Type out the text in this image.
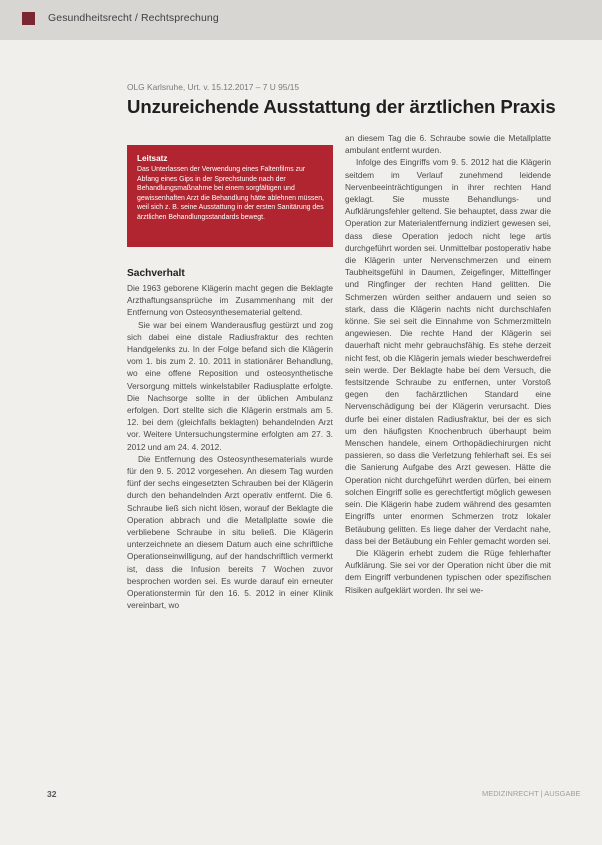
Gesundheitsrecht / Rechtsprechung
OLG Karlsruhe, Urt. v. 15.12.2017 – 7 U 95/15
Unzureichende Ausstattung der ärztlichen Praxis
Leitsatz
Das Unterlassen der Verwendung eines Faltenfilms zur Abfang eines Gips in der Sprechstunde nach der Behandlungsmaßnahme bei einem sorgfältigen und gewissenhaften Arzt die Behandlung hätte ablehnen müssen, weil sich z. B. seine Ausstattung in der ersten Sanitärung des ärztlichen Behandlungsstandards bewegt.
Sachverhalt

Die 1963 geborene Klägerin macht gegen die Beklagte Arzthaftungsansprüche im Zusammenhang mit der Entfernung von Osteosynthesematerial geltend.

Sie war bei einem Wanderausflug gestürzt und zog sich dabei eine distale Radiusfraktur des rechten Handgelenks zu. In der Folge befand sich die Klägerin vom 1. bis zum 2. 10. 2011 in stationärer Behandlung, wo eine offene Reposition und osteosynthetische Versorgung mittels winkelstabiler Radiusplatte erfolgte. Die Nachsorge sollte in der üblichen Ambulanz erfolgen. Dort stellte sich die Klägerin erstmals am 5. 12. bei dem (gleichfalls beklagten) behandelnden Arzt vor. Weitere Untersuchungstermine erfolgten am 27. 3. 2012 und am 24. 4. 2012.

Die Entfernung des Osteosynthesematerials wurde für den 9. 5. 2012 vorgesehen. An diesem Tag wurden fünf der sechs eingesetzten Schrauben bei der Klägerin durch den behandelnden Arzt operativ entfernt. Die 6. Schraube ließ sich nicht lösen, worauf der Beklagte die Operation abbrach und die Metallplatte sowie die verbliebene Schraube in situ beließ. Die Klägerin unterzeichnete an diesem Datum auch eine schriftliche Operationseinwilligung, auf der handschriftlich vermerkt ist, dass die Infusion bereits 7 Wochen zuvor besprochen worden sei. Es wurde darauf ein erneuter Operationstermin für den 16. 5. 2012 in einer Klinik vereinbart, wo

an diesem Tag die 6. Schraube sowie die Metallplatte ambulant entfernt wurden.

Infolge des Eingriffs vom 9. 5. 2012 hat die Klägerin seitdem im Verlauf zunehmend leidende Nervenbeeinträchtigungen in ihrer rechten Hand geklagt. Sie musste Behandlungs- und Aufklärungsfehler geltend. Sie behauptet, dass zwar die Operation zur Materialentfernung indiziert gewesen sei, dass diese Operation jedoch nicht lege artis durchgeführt worden sei. Unmittelbar postoperativ habe die Klägerin unter Nervenschmerzen und einem Taubheitsgefühl in Daumen, Zeigefinger, Mittelfinger und Ringfinger der rechten Hand gelitten. Die Schmerzen würden seither andauern und seien so stark, dass die Klägerin nachts nicht durchschlafen könne. Sie sei seit die Einnahme von Schmerzmitteln angewiesen. Die rechte Hand der Klägerin sei dauerhaft nicht mehr gebrauchsfähig. Es stehe derzeit nicht fest, ob die Klägerin jemals wieder beschwerdefrei sein werde. Der Beklagte habe bei dem Versuch, die festsitzende Schraube zu entfernen, unter Vorstoß gegen den fachärztlichen Standard eine Nervenschädigung bei der Klägerin verursacht. Dies durfe bei einer distalen Radiusfraktur, bei der es sich um den häufigsten Knochenbruch überhaupt beim Menschen handele, einem Orthopädiechirurgen nicht passieren, so dass die Verletzung fehlerhaft sei. Es sei die Sanierung Aufgabe des Arzt gewesen. Hätte die Operation nicht durchgeführt werden dürfen, bei einem solchen Eingriff solle es gerechtfertigt möglich gewesen sein. Die Klägerin habe zudem während des gesamten Eingriffs unter enormen Schmerzen trotz lokaler Betäubung gelitten. Es liege daher der Verdacht nahe, dass bei der Betäubung ein Fehler gemacht worden sei.

Die Klägerin erhebt zudem die Rüge fehlerhafter Aufklärung. Sie sei vor der Operation nicht über die mit dem Eingriff verbundenen typischen oder spezifischen Risiken aufgeklärt worden. Ihr sei we-

32	MEDIZINRECHT | AUSGABE
